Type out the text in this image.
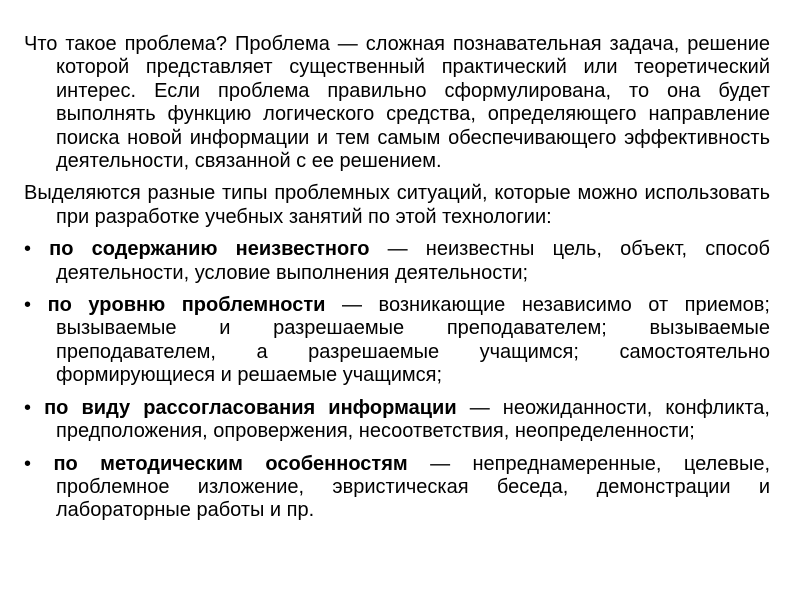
Что такое проблема? Проблема — сложная познавательная задача, решение которой представляет существенный практический или теоретический интерес. Если проблема правильно сформулирована, то она будет выполнять функцию логического средства, определяющего направление поиска новой информации и тем самым обеспечивающего эффективность деятельности, связанной с ее решением.

Выделяются разные типы проблемных ситуаций, которые можно использовать при разработке учебных занятий по этой технологии:

• по содержанию неизвестного — неизвестны цель, объект, способ деятельности, условие выполнения деятельности;

• по уровню проблемности — возникающие независимо от приемов; вызываемые и разрешаемые преподавателем; вызываемые преподавателем, а разрешаемые учащимся; самостоятельно формирующиеся и решаемые учащимся;

• по виду рассогласования информации — неожиданности, конфликта, предположения, опровержения, несоответствия, неопределенности;

• по методическим особенностям — непреднамеренные, целевые, проблемное изложение, эвристическая беседа, демонстрации и лабораторные работы и пр.
